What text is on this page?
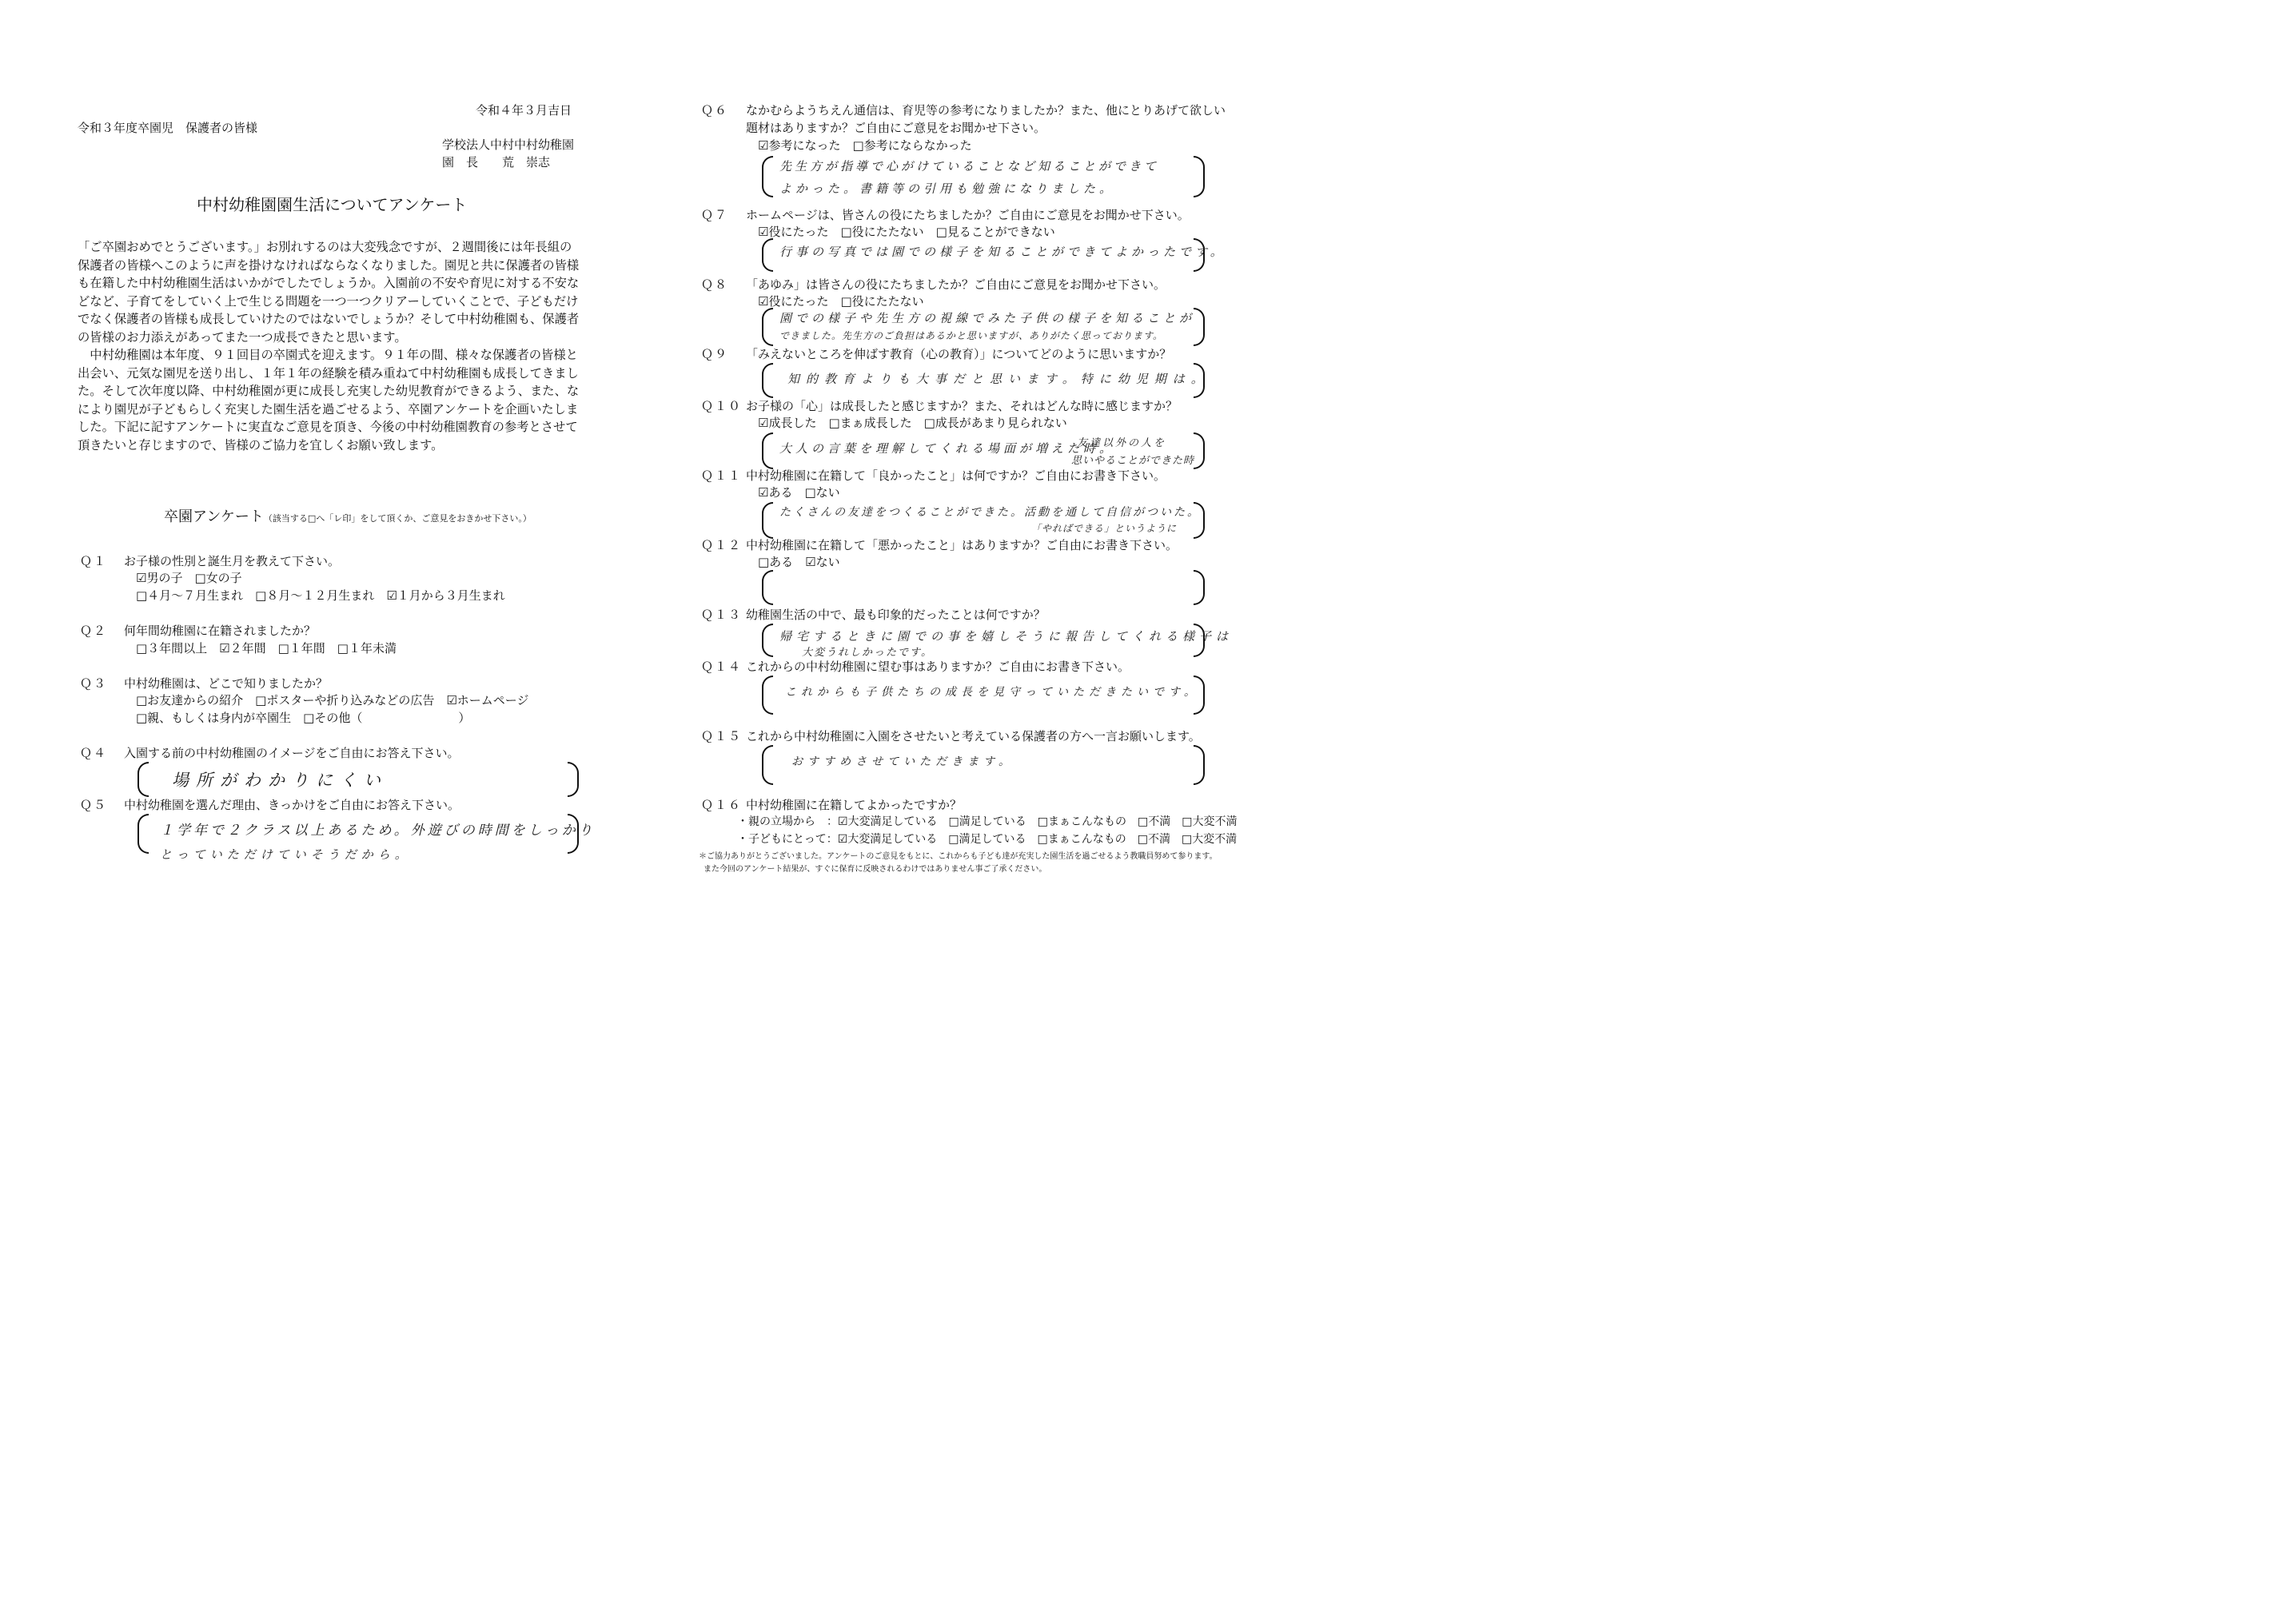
令和４年３月吉日
令和３年度卒園児　保護者の皆様
学校法人中村中村幼稚園
園　長　　荒　崇志
中村幼稚園園生活についてアンケート

「ご卒園おめでとうございます。」お別れするのは大変残念ですが、２週間後には年長組の保護者の皆様へこのように声を掛けなければならなくなりました。園児と共に保護者の皆様も在籍した中村幼稚園生活はいかがでしたでしょうか。入園前の不安や育児に対する不安などなど、子育てをしていく上で生じる問題を一つ一つクリアーしていくことで、子どもだけでなく保護者の皆様も成長していけたのではないでしょうか？そして中村幼稚園も、保護者の皆様のお力添えがあってまた一つ成長できたと思います。

中村幼稚園は本年度、９１回目の卒園式を迎えます。９１年の間、様々な保護者の皆様と出会い、元気な園児を送り出し、１年１年の経験を積み重ねて中村幼稚園も成長してきました。そして次年度以降、中村幼稚園が更に成長し充実した幼児教育ができるよう、また、なにより園児が子どもらしく充実した園生活を過ごせるよう、卒園アンケートを企画いたしました。下記に記すアンケートに実直なご意見を頂き、今後の中村幼稚園教育の参考とさせて頂きたいと存じますので、皆様のご協力を宜しくお願い致します。

卒園アンケート（該当する□へ「レ印」をして頂くか、ご意見をおきかせ下さい。）
Ｑ１ お子様の性別と誕生月を教えて下さい。
☑男の子　□女の子
□４月〜７月生まれ　□８月〜１２月生まれ　☑１月から３月生まれ
Ｑ２ 何年間幼稚園に在籍されましたか？
□３年間以上　☑２年間　□１年間　□１年未満
Ｑ３ 中村幼稚園は、どこで知りましたか？
□お友達からの紹介　□ポスターや折り込みなどの広告　☑ホームページ
□親、もしくは身内が卒園生　□その他（　　　　　　　　）
Ｑ４ 入園する前の中村幼稚園のイメージをご自由にお答え下さい。
場所がわかりにくい
Ｑ５ 中村幼稚園を選んだ理由、きっかけをご自由にお答え下さい。
１学年で２クラス以上あるため。外遊びの時間をしっかり
とっていただけていそうだから。
Ｑ６ なかむらようちえん通信は、育児等の参考になりましたか？また、他にとりあげて欲しい
題材はありますか？ご自由にご意見をお聞かせ下さい。
☑参考になった　□参考にならなかった
先生方が指導で心がけていることなど知ることができて
よかった。書籍等の引用も勉強になりました。
Ｑ７ ホームページは、皆さんの役にたちましたか？ご自由にご意見をお聞かせ下さい。
☑役にたった　□役にたたない　□見ることができない
行事の写真では園での様子を知ることができてよかったです。
Ｑ８ 「あゆみ」は皆さんの役にたちましたか？ご自由にご意見をお聞かせ下さい。
☑役にたった　□役にたたない
園での様子や先生方の視線でみた子供の様子を知ることが
できました。先生方のご負担はあるかと思いますが、ありがたく思っております。
Ｑ９ 「みえないところを伸ばす教育（心の教育）」についてどのように思いますか？
知的教育よりも大事だと思います。特に幼児期は。
Ｑ１０ お子様の「心」は成長したと感じますか？また、それはどんな時に感じますか？
☑成長した　□まぁ成長した　□成長があまり見られない
大人の言葉を理解してくれる場面が増えた時。
友達以外の人を
思いやることができた時
Ｑ１１ 中村幼稚園に在籍して「良かったこと」は何ですか？ご自由にお書き下さい。
☑ある　□ない
たくさんの友達をつくることができた。活動を通して自信がついた。
「やればできる」というように
Ｑ１２ 中村幼稚園に在籍して「悪かったこと」はありますか？ご自由にお書き下さい。
□ある　☑ない
Ｑ１３ 幼稚園生活の中で、最も印象的だったことは何ですか？
帰宅するときに園での事を嬉しそうに報告してくれる様子は
大変うれしかったです。
Ｑ１４ これからの中村幼稚園に望む事はありますか？ご自由にお書き下さい。
これからも子供たちの成長を見守っていただきたいです。
Ｑ１５ これから中村幼稚園に入園をさせたいと考えている保護者の方へ一言お願いします。
おすすめさせていただきます。
Ｑ１６ 中村幼稚園に在籍してよかったですか？
・親の立場から　：☑大変満足している　□満足している　□まぁこんなもの　□不満　□大変不満
・子どもにとって：☑大変満足している　□満足している　□まぁこんなもの　□不満　□大変不満
＊ご協力ありがとうございました。アンケートのご意見をもとに、これからも子ども達が充実した園生活を過ごせるよう教職員努めて参ります。
また今回のアンケート結果が、すぐに保育に反映されるわけではありません事ご了承ください。
